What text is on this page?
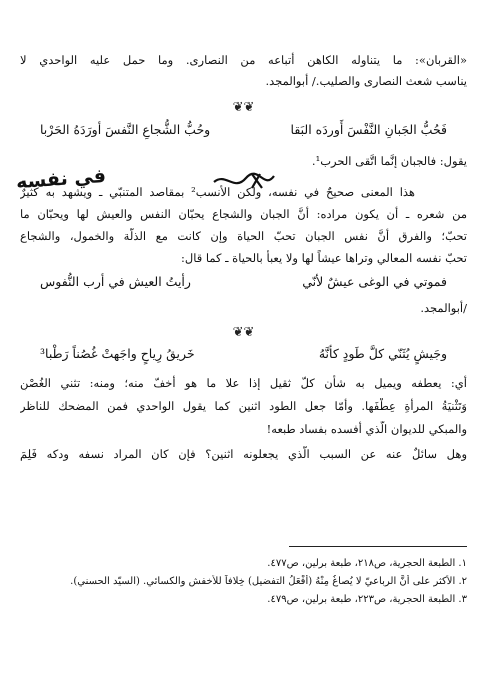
«القربان»: ما يتناوله الكاهن أتباعه من النصارى. وما حمل عليه الواحدي لا
يناسب شعث النصارى والصليب./ أبوالمجد.
❦❦
فَحُبُّ الجَبانِ النَّفْسَ أَوردَه البَقا
وحُبُّ الشُّجاعِ النَّفسَ أورَدَهُ الحَرْبا
يقول: فالجبان إنَّما اتَّقى الحرب¹.
في نفسه
هذا المعنى صحيحٌ في نفسه، ولكن الأنسب² بمقاصد المتنبّي ـ ويشهد به كثيرٌ
من شعره ـ أن يكون مراده: أنَّ الجبان والشجاع يحبّان النفس والعيش لها ويحبّان ما
تحبّ؛ والفرق أنَّ نفس الجبان تحبّ الحياة وإن كانت مع الذلّة والخمول، والشجاع
تحبّ نفسه المعالي وتراها عيشاً لها ولا يعبأ بالحياة ـ كما قال:
فموتي في الوغى عيشٌ لأنّي
رأيتُ العيش في أرب النُّفوس
/أبوالمجد.
❦❦
وجَيشٍ يُثَنّي كلَّ طَودٍ كأنَّهُ
خَريقُ رِياحٍ واجَهتْ غُصُناً رَطْبا³
أي: يعطفه ويميل به شأن كلّ ثقيل إذا علا ما هو أخفّ منه؛ ومنه: تثني الغُصْنِ
وَتَثْنيَةُ المرأةِ عِطْفَها. وأمّا جعل الطود اثنين كما يقول الواحدي فمن المضحك للناظر
والمبكي للديوان الَّذي أفسده بفساد طبعه!
وهل سائلٌ عنه عن السبب الَّذي يجعلونه اثنين؟ فإن كان المراد نسفه ودكه فَلِمَ
١. الطبعة الحجرية، ص٢١٨، طبعة برلين، ص٤٧٧.
٢. الأكثر على أنَّ الرباعيّ لا يُصاغُ مِنْهُ (أَفْعَلُ التفضيل) خِلافاً للأخفش والكسائي. (السيّد الحسني).
٣. الطبعة الحجرية، ص٢٢٣، طبعة برلين، ص٤٧٩.
